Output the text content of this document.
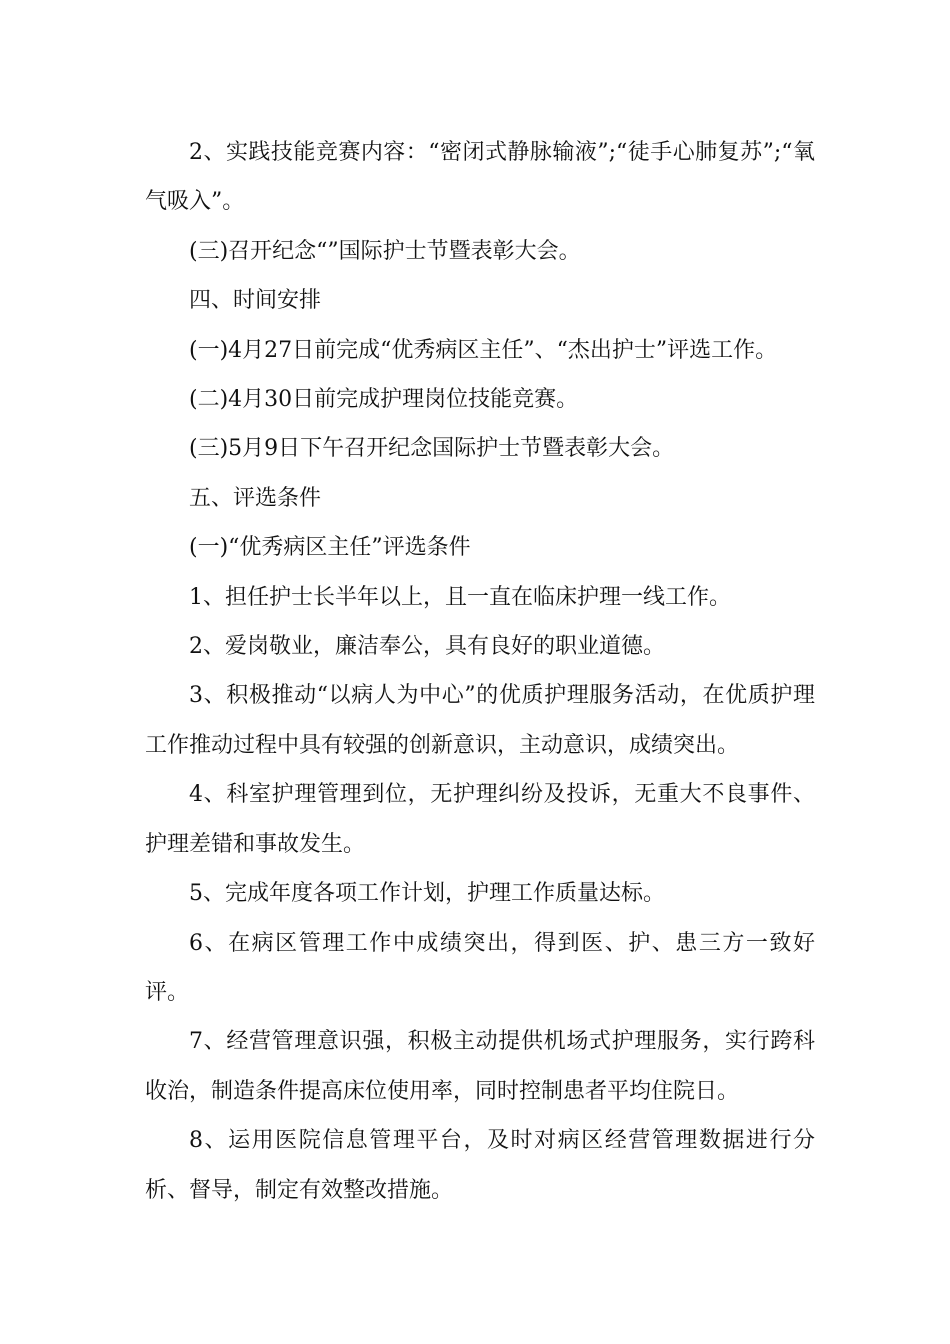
2、实践技能竞赛内容：“密闭式静脉输液”;“徒手心肺复苏”;“氧气吸入”。

(三)召开纪念“”国际护士节暨表彰大会。

四、时间安排

(一)4月27日前完成“优秀病区主任”、“杰出护士”评选工作。

(二)4月30日前完成护理岗位技能竞赛。

(三)5月9日下午召开纪念国际护士节暨表彰大会。

五、评选条件

(一)“优秀病区主任”评选条件

1、担任护士长半年以上，且一直在临床护理一线工作。

2、爱岗敬业，廉洁奉公，具有良好的职业道德。

3、积极推动“以病人为中心”的优质护理服务活动，在优质护理工作推动过程中具有较强的创新意识，主动意识，成绩突出。

4、科室护理管理到位，无护理纠纷及投诉，无重大不良事件、护理差错和事故发生。

5、完成年度各项工作计划，护理工作质量达标。

6、在病区管理工作中成绩突出，得到医、护、患三方一致好评。

7、经营管理意识强，积极主动提供机场式护理服务，实行跨科收治，制造条件提高床位使用率，同时控制患者平均住院日。

8、运用医院信息管理平台，及时对病区经营管理数据进行分析、督导，制定有效整改措施。
